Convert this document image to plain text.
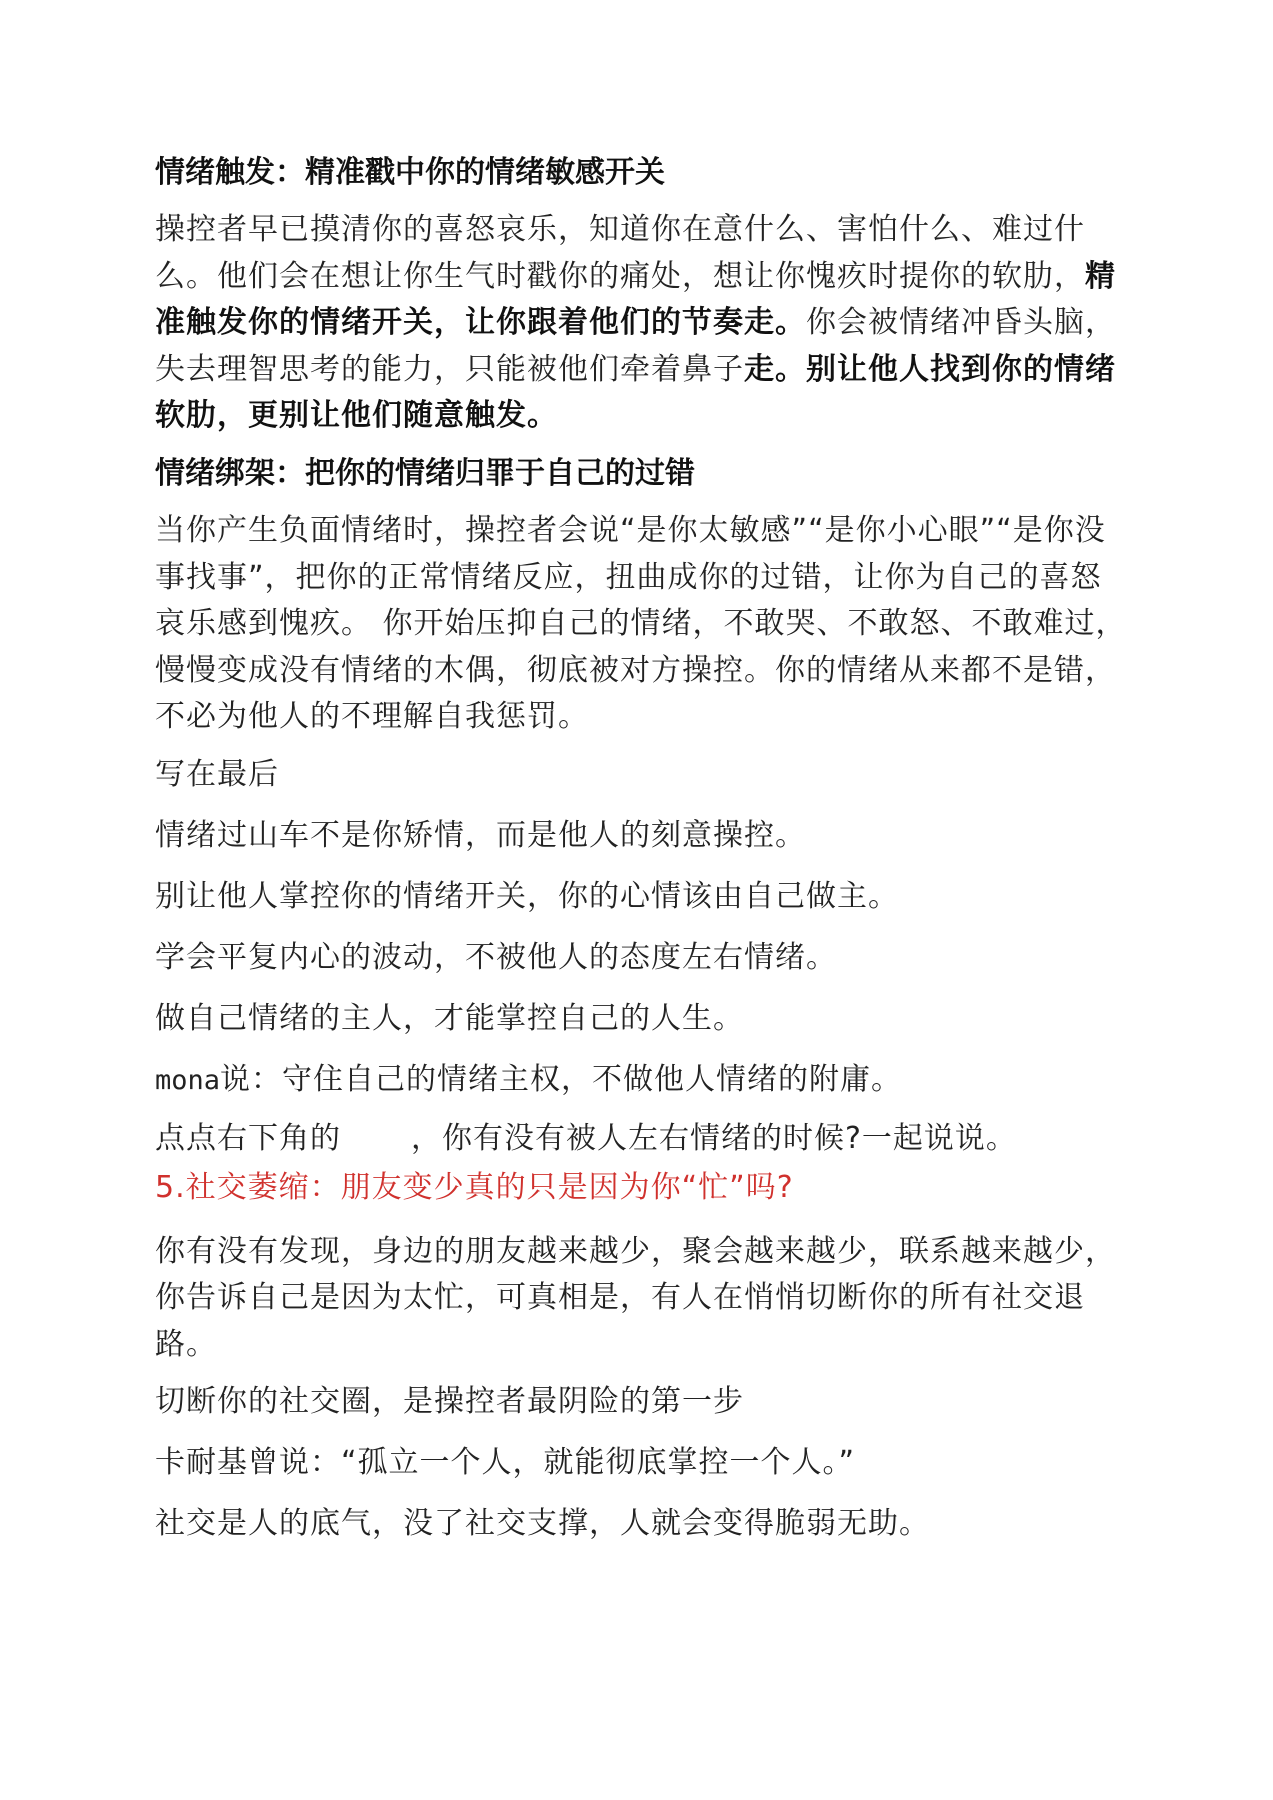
情绪触发：精准戳中你的情绪敏感开关
操控者早已摸清你的喜怒哀乐，知道你在意什么、害怕什么、难过什么。他们会在想让你生气时戳你的痛处，想让你愧疚时提你的软肋，精准触发你的情绪开关，让你跟着他们的节奏走。你会被情绪冲昏头脑，失去理智思考的能力，只能被他们牵着鼻子走。别让他人找到你的情绪软肋，更别让他们随意触发。
情绪绑架：把你的情绪归罪于自己的过错
当你产生负面情绪时，操控者会说“是你太敏感”“是你小心眼”“是你没事找事”，把你的正常情绪反应，扭曲成你的过错，让你为自己的喜怒哀乐感到愧疚。 你开始压抑自己的情绪，不敢哭、不敢怒、不敢难过，慢慢变成没有情绪的木偶，彻底被对方操控。你的情绪从来都不是错，不必为他人的不理解自我惩罚。
写在最后
情绪过山车不是你矫情，而是他人的刻意操控。
别让他人掌控你的情绪开关，你的心情该由自己做主。
学会平复内心的波动，不被他人的态度左右情绪。
做自己情绪的主人，才能掌控自己的人生。
mona说：守住自己的情绪主权，不做他人情绪的附庸。
点点右下角的 ，你有没有被人左右情绪的时候?一起说说。
5.社交萎缩：朋友变少真的只是因为你“忙”吗?
你有没有发现，身边的朋友越来越少，聚会越来越少，联系越来越少，你告诉自己是因为太忙，可真相是，有人在悄悄切断你的所有社交退路。
切断你的社交圈，是操控者最阴险的第一步
卡耐基曾说：“孤立一个人，就能彻底掌控一个人。”
社交是人的底气，没了社交支撑，人就会变得脆弱无助。
